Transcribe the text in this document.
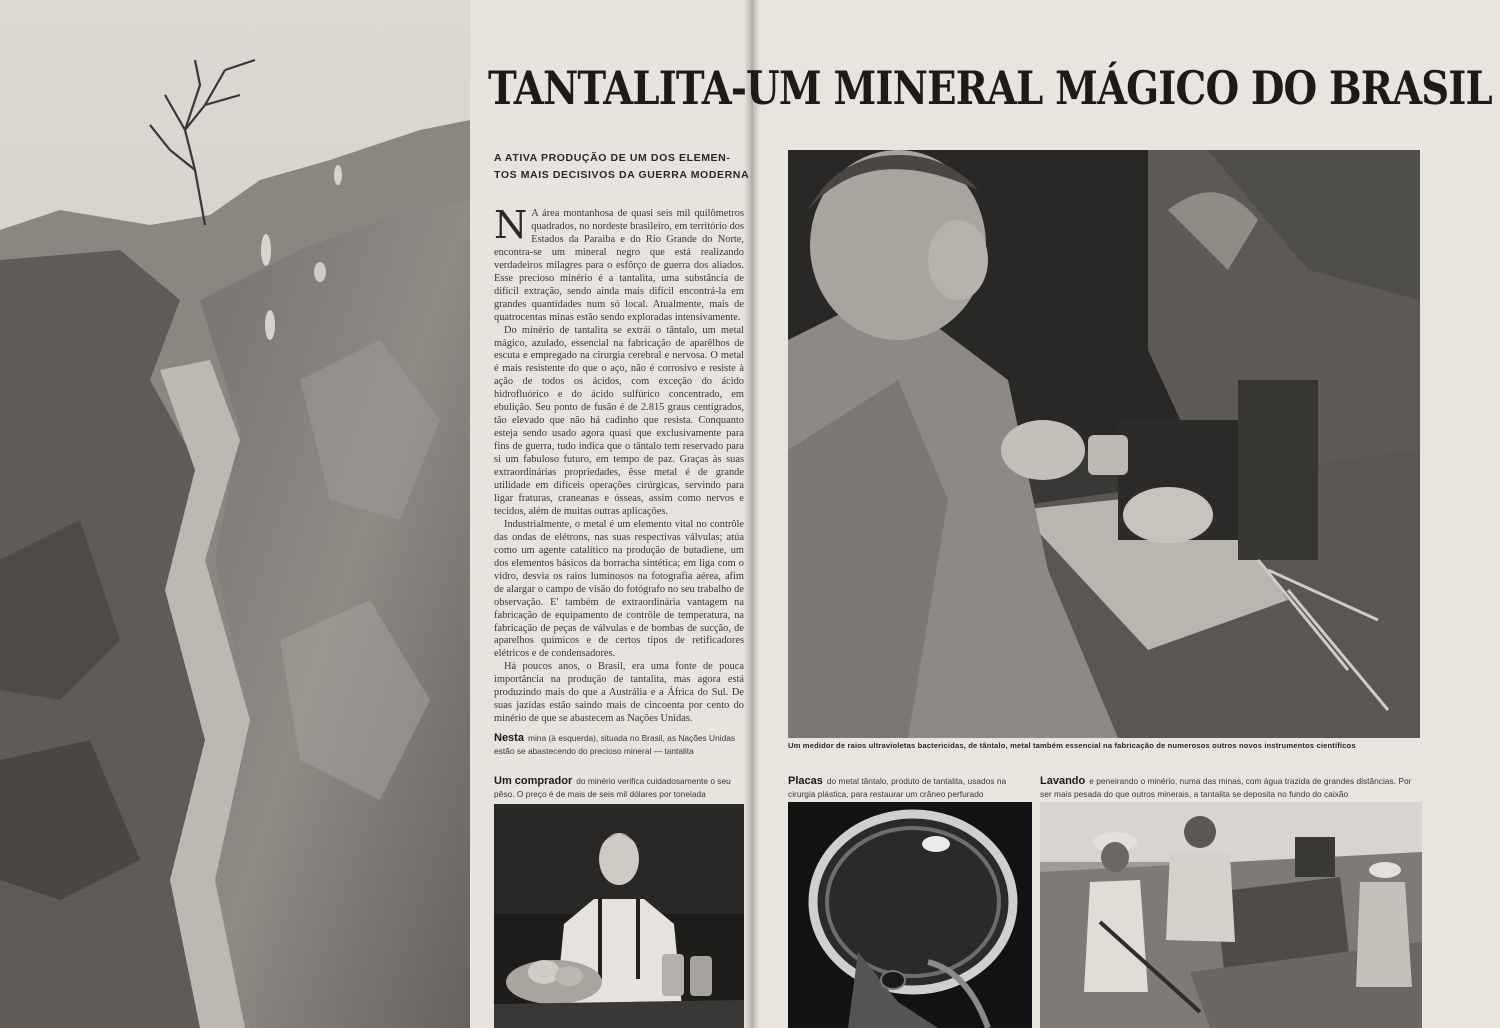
TANTALITA-UM MINERAL MÁGICO DO BRASIL
A ATIVA PRODUÇÃO DE UM DOS ELEMEN-
TOS MAIS DECISIVOS DA GUERRA MODERNA

N A área montanhosa de quasi seis mil quilômetros quadrados, no nordeste brasileiro, em território dos Estados da Paraiba e do Rio Grande do Norte, encontra-se um mineral negro que está realizando verdadeiros milagres para o esfôrço de guerra dos aliados. Esse precioso minério é a tantalita, uma substância de difícil extração, sendo ainda mais difícil encontrá-la em grandes quantidades num só local. Atualmente, mais de quatrocentas minas estão sendo exploradas intensivamente.

Do minério de tantalita se extrái o tântalo, um metal mágico, azulado, essencial na fabricação de aparêlhos de escuta e empregado na cirurgia cerebral e nervosa. O metal é mais resistente do que o aço, não é corrosivo e resiste à ação de todos os ácidos, com exceção do ácido hidrofluórico e do ácido sulfúrico concentrado, em ebulição. Seu ponto de fusão é de 2.815 graus centígrados, tão elevado que não há cadinho que resista. Conquanto esteja sendo usado agora quasi que exclusivamente para fins de guerra, tudo indica que o tântalo tem reservado para si um fabuloso futuro, em tempo de paz. Graças às suas extraordinárias propriedades, êsse metal é de grande utilidade em difíceis operações cirúrgicas, servindo para ligar fraturas, craneanas e ósseas, assim como nervos e tecidos, além de muitas outras aplicações.

Industrialmente, o metal é um elemento vital no contrôle das ondas de elétrons, nas suas respectivas válvulas; atúa como um agente catalítico na produção de butadiene, um dos elementos básicos da borracha sintética; em liga com o vidro, desvia os raios luminosos na fotografia aérea, afim de alargar o campo de visão do fotógrafo no seu trabalho de observação. E' também de extraordinária vantagem na fabricação de equipamento de contrôle de temperatura, na fabricação de peças de válvulas e de bombas de sucção, de aparelhos químicos e de certos tipos de retificadores elétricos e de condensadores.

Há poucos anos, o Brasil, era uma fonte de pouca importância na produção de tantalita, mas agora está produzindo mais do que a Austrália e a África do Sul. De suas jazidas estão saindo mais de cincoenta por cento do minério de que se abastecem as Nações Unidas.

Nesta mina (à esquerda), situada no Brasil, as Nações Unidas estão se abastecendo do precioso mineral — tantalita
Um comprador do minério verifica cuidadosamente o seu pêso. O preço é de mais de seis mil dólares por tonelada
Um medidor de raios ultravioletas bactericidas, de tântalo, metal também essencial na fabricação de numerosos outros novos instrumentos científicos
Placas do metal tântalo, produto de tantalita, usados na cirurgia plástica, para restaurar um crâneo perfurado
Lavando e peneirando o minério, numa das minas, com água trazida de grandes distâncias. Por ser mais pesada do que outros minerais, a tantalita se deposita no fundo do caixão
